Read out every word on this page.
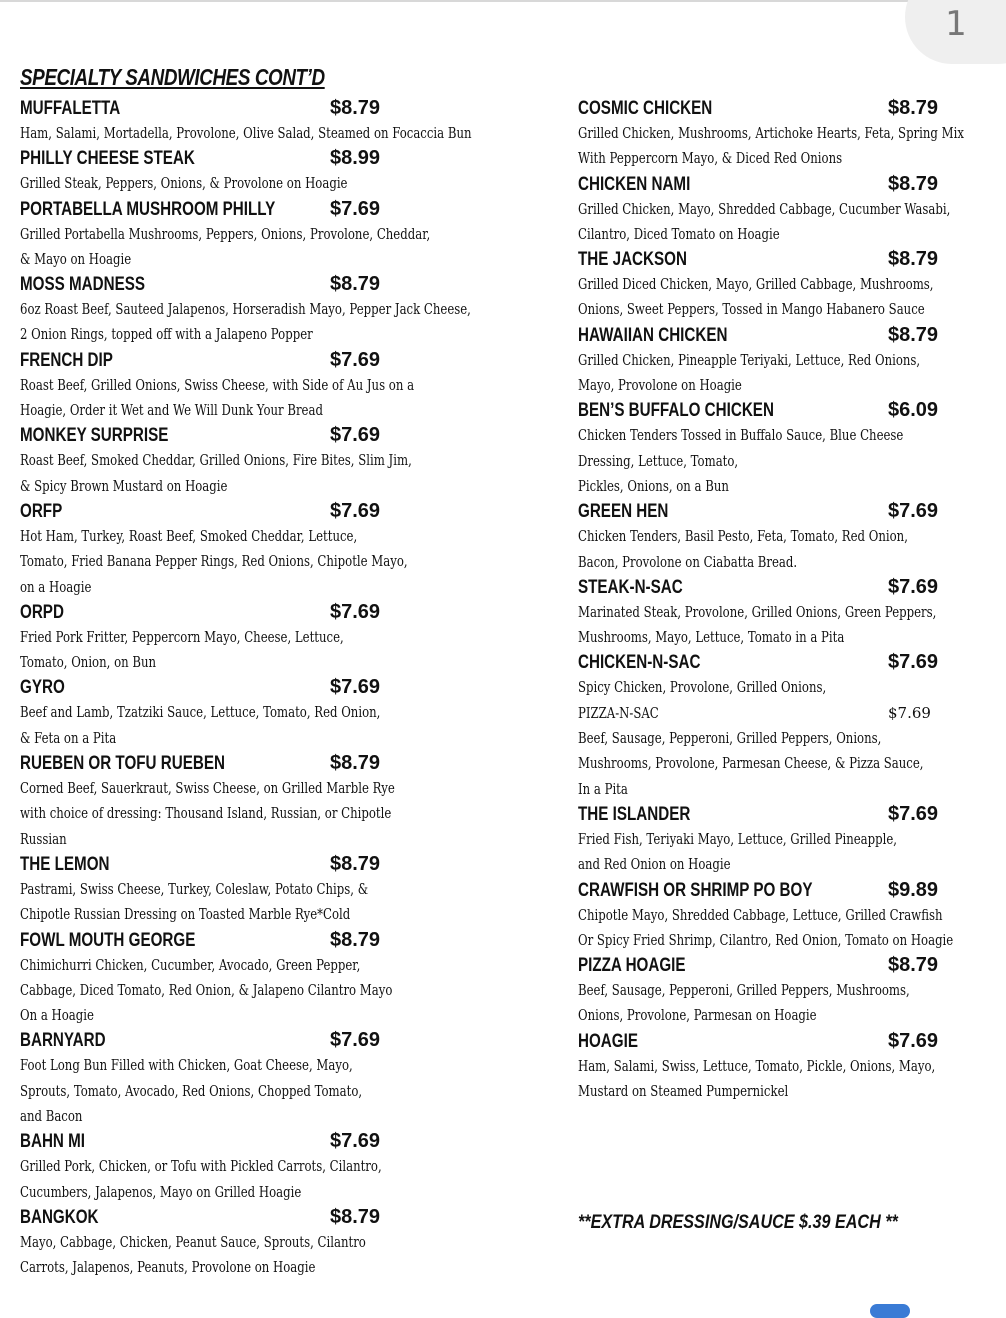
1
SPECIALTY SANDWICHES CONT’D
MUFFALETTA	$8.79
Ham, Salami, Mortadella, Provolone, Olive Salad, Steamed on Focaccia Bun
PHILLY CHEESE STEAK	$8.99
Grilled Steak, Peppers, Onions, & Provolone on Hoagie
PORTABELLA MUSHROOM PHILLY	$7.69
Grilled Portabella Mushrooms, Peppers, Onions, Provolone, Cheddar,
& Mayo on Hoagie
MOSS MADNESS	$8.79
6oz Roast Beef, Sauteed Jalapenos, Horseradish Mayo, Pepper Jack Cheese,
2 Onion Rings, topped off with a Jalapeno Popper
FRENCH DIP	$7.69
Roast Beef, Grilled Onions, Swiss Cheese, with Side of Au Jus on a
Hoagie, Order it Wet and We Will Dunk Your Bread
MONKEY SURPRISE	$7.69
Roast Beef, Smoked Cheddar, Grilled Onions, Fire Bites, Slim Jim,
& Spicy Brown Mustard on Hoagie
ORFP	$7.69
Hot Ham, Turkey, Roast Beef, Smoked Cheddar, Lettuce,
Tomato, Fried Banana Pepper Rings, Red Onions, Chipotle Mayo,
on a Hoagie
ORPD	$7.69
Fried Pork Fritter, Peppercorn Mayo, Cheese, Lettuce,
Tomato, Onion, on Bun
GYRO	$7.69
Beef and Lamb, Tzatziki Sauce, Lettuce, Tomato, Red Onion,
& Feta on a Pita
RUEBEN OR TOFU RUEBEN	$8.79
Corned Beef, Sauerkraut, Swiss Cheese, on Grilled Marble Rye
with choice of dressing: Thousand Island, Russian, or Chipotle
Russian
THE LEMON	$8.79
Pastrami, Swiss Cheese, Turkey, Coleslaw, Potato Chips, &
Chipotle Russian Dressing on Toasted Marble Rye*Cold
FOWL MOUTH GEORGE	$8.79
Chimichurri Chicken, Cucumber, Avocado, Green Pepper,
Cabbage, Diced Tomato, Red Onion, & Jalapeno Cilantro Mayo
On a Hoagie
BARNYARD	$7.69
Foot Long Bun Filled with Chicken, Goat Cheese, Mayo,
Sprouts, Tomato, Avocado, Red Onions, Chopped Tomato,
and Bacon
BAHN MI	$7.69
Grilled Pork, Chicken, or Tofu with Pickled Carrots, Cilantro,
Cucumbers, Jalapenos, Mayo on Grilled Hoagie
BANGKOK	$8.79
Mayo, Cabbage, Chicken, Peanut Sauce, Sprouts, Cilantro
Carrots, Jalapenos, Peanuts, Provolone on Hoagie
COSMIC CHICKEN	$8.79
Grilled Chicken, Mushrooms, Artichoke Hearts, Feta, Spring Mix
With Peppercorn Mayo, & Diced Red Onions
CHICKEN NAMI	$8.79
Grilled Chicken, Mayo, Shredded Cabbage, Cucumber Wasabi,
Cilantro, Diced Tomato on Hoagie
THE JACKSON	$8.79
Grilled Diced Chicken, Mayo, Grilled Cabbage, Mushrooms,
Onions, Sweet Peppers, Tossed in Mango Habanero Sauce
HAWAIIAN CHICKEN	$8.79
Grilled Chicken, Pineapple Teriyaki, Lettuce, Red Onions,
Mayo, Provolone on Hoagie
BEN’S BUFFALO CHICKEN	$6.09
Chicken Tenders Tossed in Buffalo Sauce, Blue Cheese
Dressing, Lettuce, Tomato,
Pickles, Onions, on a Bun
GREEN HEN	$7.69
Chicken Tenders, Basil Pesto, Feta, Tomato, Red Onion,
Bacon, Provolone on Ciabatta Bread.
STEAK-N-SAC	$7.69
Marinated Steak, Provolone, Grilled Onions, Green Peppers,
Mushrooms, Mayo, Lettuce, Tomato in a Pita
CHICKEN-N-SAC	$7.69
Spicy Chicken, Provolone, Grilled Onions,
PIZZA-N-SAC	$7.69
Beef, Sausage, Pepperoni, Grilled Peppers, Onions,
Mushrooms, Provolone, Parmesan Cheese, & Pizza Sauce,
In a Pita
THE ISLANDER	$7.69
Fried Fish, Teriyaki Mayo, Lettuce, Grilled Pineapple,
and Red Onion on Hoagie
CRAWFISH OR SHRIMP PO BOY	$9.89
Chipotle Mayo, Shredded Cabbage, Lettuce, Grilled Crawfish
Or Spicy Fried Shrimp, Cilantro, Red Onion, Tomato on Hoagie
PIZZA HOAGIE	$8.79
Beef, Sausage, Pepperoni, Grilled Peppers, Mushrooms,
Onions, Provolone, Parmesan on Hoagie
HOAGIE	$7.69
Ham, Salami, Swiss, Lettuce, Tomato, Pickle, Onions, Mayo,
Mustard on Steamed Pumpernickel
**EXTRA DRESSING/SAUCE $.39 EACH **
